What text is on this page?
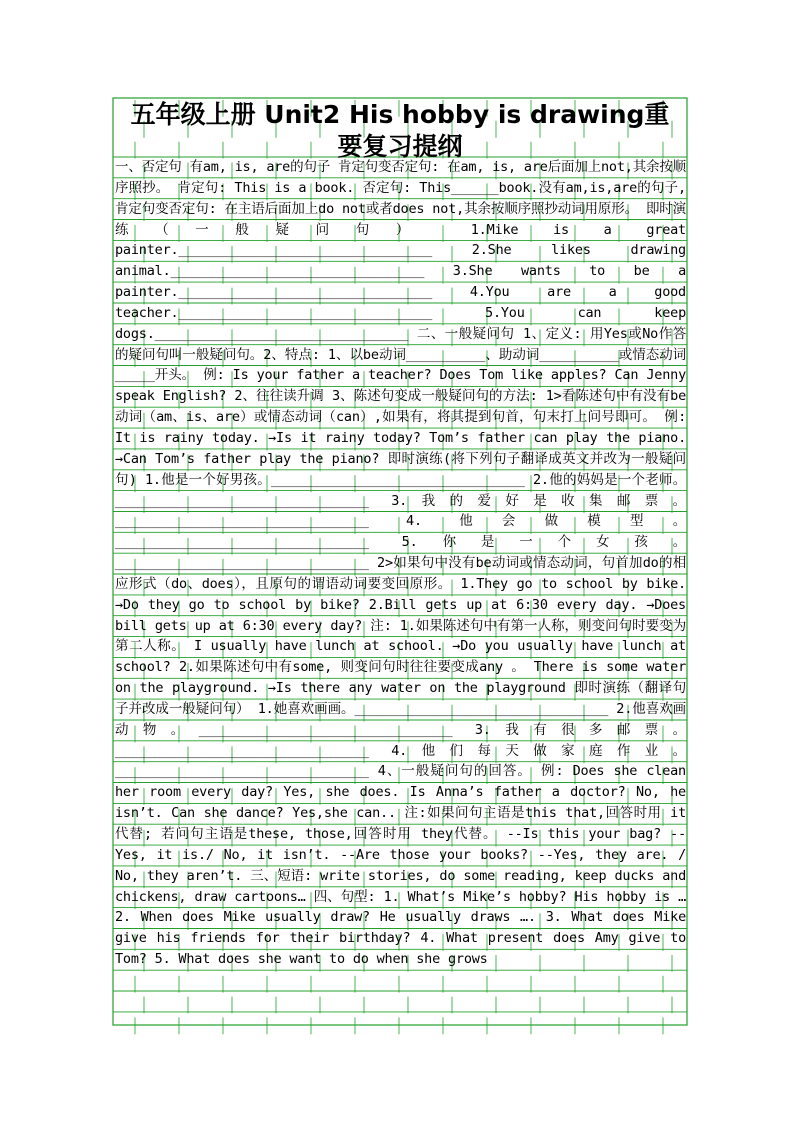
五年级上册 Unit2 His hobby is drawing重
要复习提纲

一、否定句 有am, is, are的句子 肯定句变否定句: 在am, is, are后面加上not,其余按顺序照抄。 肯定句: This is a book. 否定句: This______book.没有am,is,are的句子, 肯定句变否定句: 在主语后面加上do not或者does not,其余按顺序照抄动词用原形。 即时演练（一般疑问句） 1.Mike is a great painter.________________________________ 2.She likes drawing animal.________________________________ 3.She wants to be a painter.________________________________ 4.You are a good teacher.________________________________ 5.You can keep dogs.________________________________ 二、一般疑问句 1、定义: 用Yes或No作答的疑问句叫一般疑问句。2、特点: 1、以be动词__________、助动词__________或情态动词_____开头。 例: Is your father a teacher? Does Tom like apples? Can Jenny speak English? 2、往往读升调 3、陈述句变成一般疑问句的方法: 1>看陈述句中有没有be动词（am、is、are）或情态动词（can）,如果有，将其提到句首，句末打上问号即可。 例: It is rainy today. →Is it rainy today? Tom’s father can play the piano. →Can Tom’s father play the piano? 即时演练(将下列句子翻译成英文并改为一般疑问句) 1.他是一个好男孩。________________________________ 2.他的妈妈是一个老师。________________________________ 3.我的爱好是收集邮票。________________________________ 4. 他会做模型。________________________________ 5.你是一个女孩。________________________________ 2>如果句中没有be动词或情态动词，句首加do的相应形式（do、does），且原句的谓语动词要变回原形。 1.They go to school by bike. →Do they go to school by bike? 2.Bill gets up at 6:30 every day. →Does bill gets up at 6:30 every day? 注: 1.如果陈述句中有第一人称，则变问句时要变为第二人称。 I usually have lunch at school. →Do you usually have lunch at school? 2.如果陈述句中有some, 则变问句时往往要变成any 。 There is some water on the playground. →Is there any water on the playground 即时演练（翻译句子并改成一般疑问句） 1.她喜欢画画。________________________________ 2.他喜欢画动物。________________________________ 3.我有很多邮票。________________________________ 4.他们每天做家庭作业。________________________________ 4、一般疑问句的回答。 例: Does she clean her room every day? Yes, she does. Is Anna’s father a doctor? No, he isn’t. Can she dance? Yes,she can.. 注:如果问句主语是this that,回答时用 it 代替; 若问句主语是these, those,回答时用 they代替。 --Is this your bag? --Yes, it is./ No, it isn’t. --Are those your books? --Yes, they are. / No, they aren’t. 三、短语: write stories, do some reading, keep ducks and chickens, draw cartoons… 四、句型: 1. What’s Mike’s hobby? His hobby is … 2. When does Mike usually draw? He usually draws …. 3. What does Mike give his friends for their birthday? 4. What present does Amy give to Tom? 5. What does she want to do when she grows
